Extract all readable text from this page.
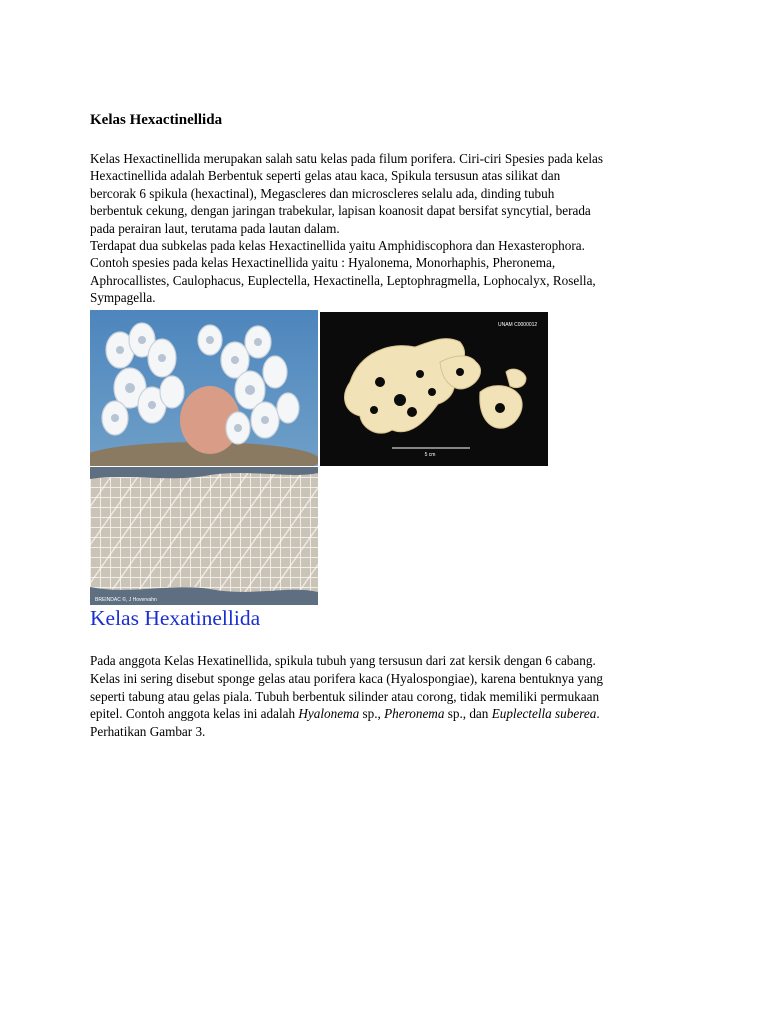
Kelas Hexactinellida
Kelas Hexactinellida merupakan salah satu kelas pada filum porifera. Ciri-ciri Spesies pada kelas
Hexactinellida adalah Berbentuk seperti gelas atau kaca, Spikula tersusun atas silikat dan
bercorak 6 spikula (hexactinal), Megascleres dan microscleres selalu ada, dinding tubuh
berbentuk cekung, dengan jaringan trabekular, lapisan koanosit dapat bersifat syncytial, berada
pada perairan laut, terutama pada lautan dalam.
Terdapat dua subkelas pada kelas Hexactinellida yaitu Amphidiscophora dan Hexasterophora.
Contoh spesies pada kelas Hexactinellida yaitu : Hyalonema, Monorhaphis, Pheronema,
Aphrocallistes, Caulophacus, Euplectella, Hexactinella, Leptophragmella, Lophocalyx, Rosella,
Sympagella.
UNAM C0000012
5 cm
BREINDAC ©, J Hovervahn
Kelas Hexatinellida
Pada anggota Kelas Hexatinellida, spikula tubuh yang tersusun dari zat kersik dengan 6 cabang.
Kelas ini sering disebut sponge gelas atau porifera kaca (Hyalospongiae), karena bentuknya yang
seperti tabung atau gelas piala. Tubuh berbentuk silinder atau corong, tidak memiliki permukaan
epitel. Contoh anggota kelas ini adalah Hyalonema sp., Pheronema sp., dan Euplectella suberea.
Perhatikan Gambar 3.
